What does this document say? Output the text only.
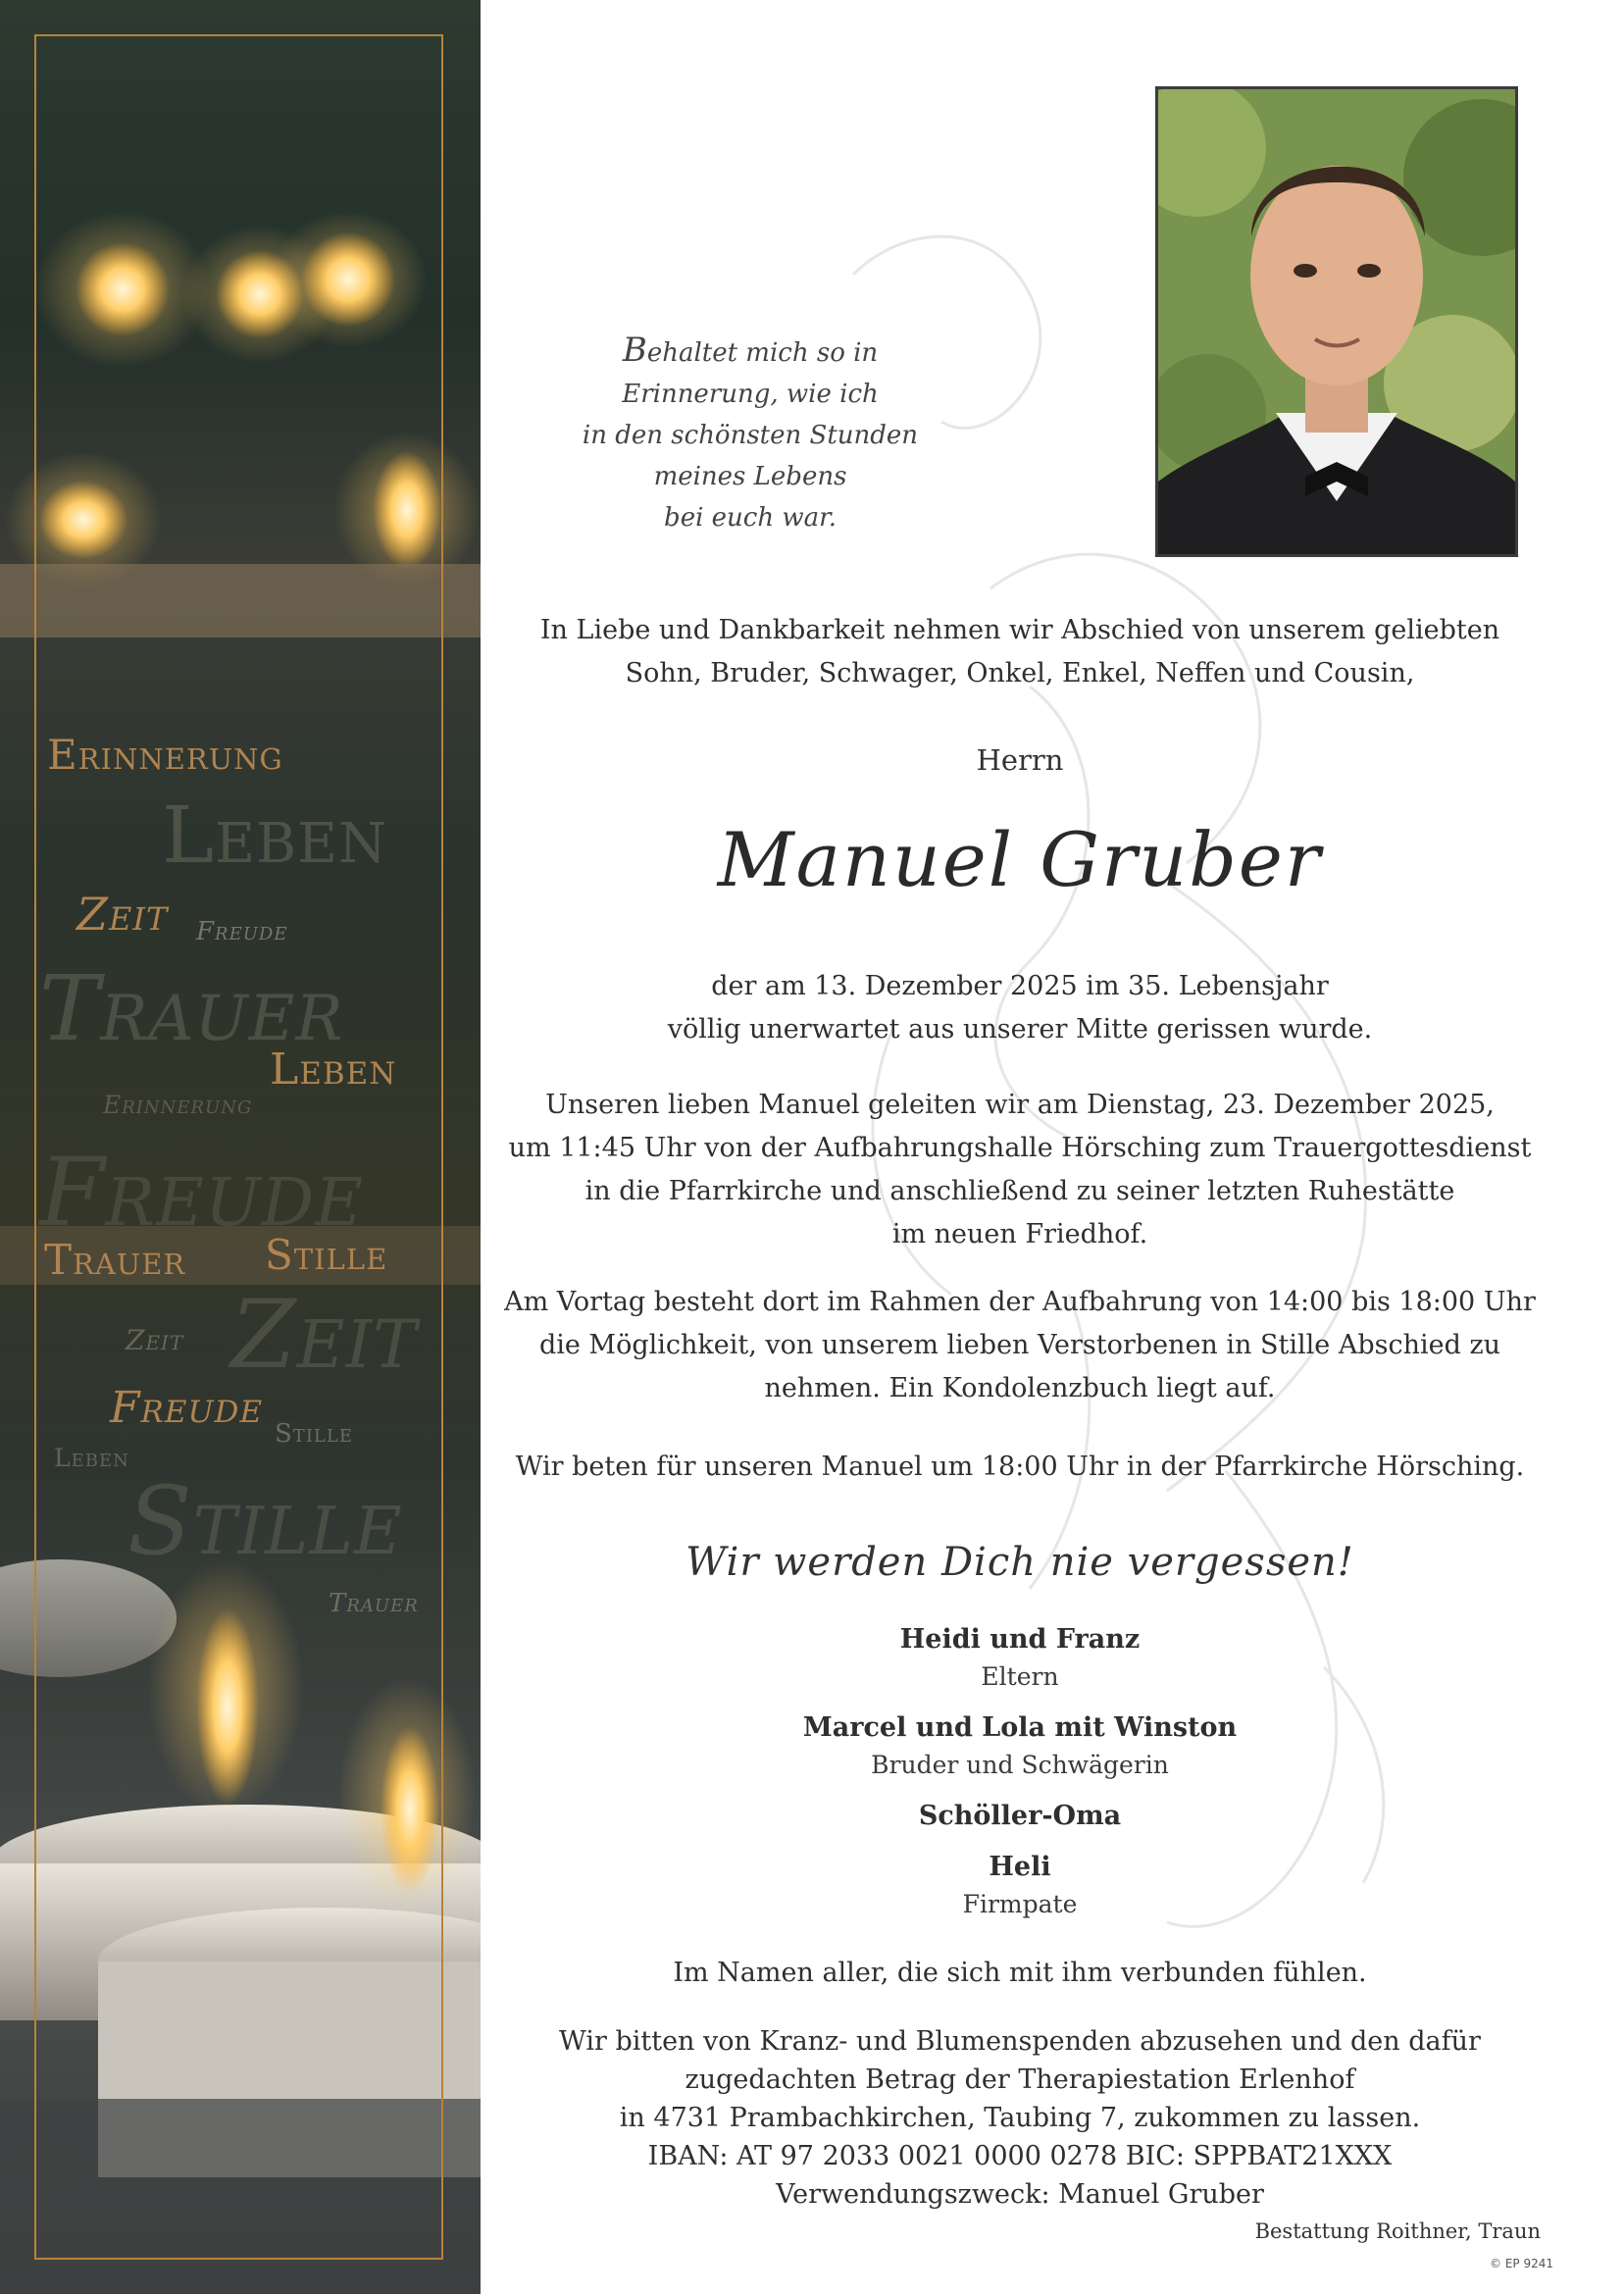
Erinnerung
Leben
Zeit Freude
Trauer
Leben
Erinnerung
Freude
Trauer Stille
Zeit Zeit
Freude
Stille
Leben
Stille
Trauer
Behaltet mich so in Erinnerung, wie ich
in den schönsten Stunden meines Lebens
bei euch war.

In Liebe und Dankbarkeit nehmen wir Abschied von unserem geliebten

Sohn, Bruder, Schwager, Onkel, Enkel, Neffen und Cousin,

Herrn
Manuel Gruber

der am 13. Dezember 2025 im 35. Lebensjahr

völlig unerwartet aus unserer Mitte gerissen wurde.

Unseren lieben Manuel geleiten wir am Dienstag, 23. Dezember 2025,

um 11:45 Uhr von der Aufbahrungshalle Hörsching zum Trauergottesdienst

in die Pfarrkirche und anschließend zu seiner letzten Ruhestätte

im neuen Friedhof.

Am Vortag besteht dort im Rahmen der Aufbahrung von 14:00 bis 18:00 Uhr

die Möglichkeit, von unserem lieben Verstorbenen in Stille Abschied zu

nehmen. Ein Kondolenzbuch liegt auf.

Wir beten für unseren Manuel um 18:00 Uhr in der Pfarrkirche Hörsching.

Wir werden Dich nie vergessen!

Heidi und Franz

Eltern

Marcel und Lola mit Winston

Bruder und Schwägerin

Schöller-Oma

Heli

Firmpate

Im Namen aller, die sich mit ihm verbunden fühlen.

Wir bitten von Kranz- und Blumenspenden abzusehen und den dafür

zugedachten Betrag der Therapiestation Erlenhof

in 4731 Prambachkirchen, Taubing 7, zukommen zu lassen.

IBAN: AT 97 2033 0021 0000 0278 BIC: SPPBAT21XXX

Verwendungszweck: Manuel Gruber

Bestattung Roithner, Traun
© EP 9241
